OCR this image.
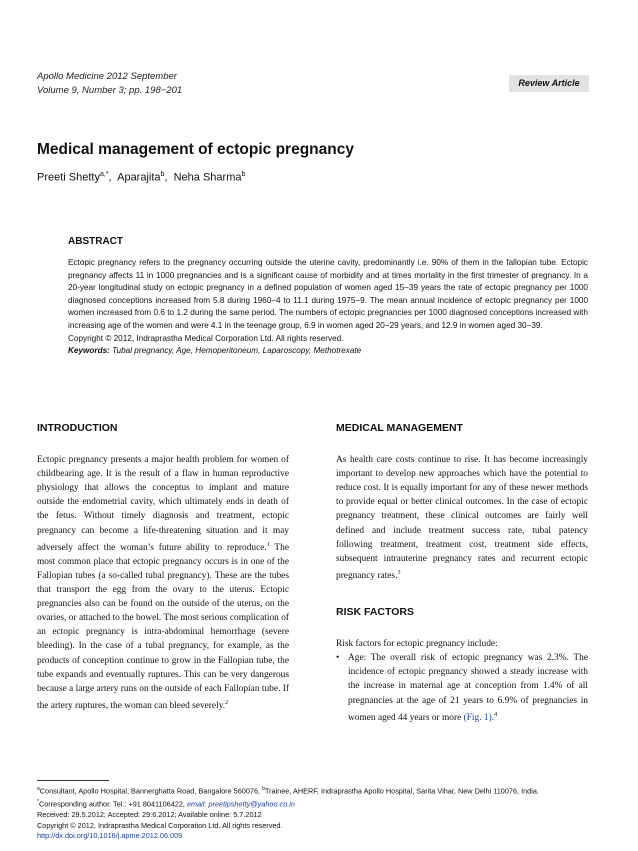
Apollo Medicine 2012 September
Volume 9, Number 3; pp. 198−201
Review Article
Medical management of ectopic pregnancy
Preeti Shetty$^{a,*}$,  Aparajita$^b$,  Neha Sharma$^b$
ABSTRACT

Ectopic pregnancy refers to the pregnancy occurring outside the uterine cavity, predominantly i.e. 90% of them in the fallopian tube. Ectopic pregnancy affects 11 in 1000 pregnancies and is a significant cause of morbidity and at times mortality in the first trimester of pregnancy. In a 20-year longitudinal study on ectopic pregnancy in a defined population of women aged 15−39 years the rate of ectopic pregnancy per 1000 diagnosed conceptions increased from 5.8 during 1960−4 to 11.1 during 1975−9. The mean annual incidence of ectopic pregnancy per 1000 women increased from 0.6 to 1.2 during the same period. The numbers of ectopic pregnancies per 1000 diagnosed conceptions increased with increasing age of the women and were 4.1 in the teenage group, 6.9 in women aged 20−29 years, and 12.9 in women aged 30−39.

Copyright © 2012, Indraprastha Medical Corporation Ltd. All rights reserved.

Keywords: Tubal pregnancy, Age, Hemoperitoneum, Laparoscopy, Methotrexate

INTRODUCTION

Ectopic pregnancy presents a major health problem for women of childbearing age. It is the result of a flaw in human reproductive physiology that allows the conceptus to implant and mature outside the endometrial cavity, which ultimately ends in death of the fetus. Without timely diagnosis and treatment, ectopic pregnancy can become a life-threatening situation and it may adversely affect the woman’s future ability to reproduce.$^1$ The most common place that ectopic pregnancy occurs is in one of the Fallopian tubes (a so-called tubal pregnancy). These are the tubes that transport the egg from the ovary to the uterus. Ectopic pregnancies also can be found on the outside of the uterus, on the ovaries, or attached to the bowel. The most serious complication of an ectopic pregnancy is intra-abdominal hemorrhage (severe bleeding). In the case of a tubal pregnancy, for example, as the products of conception continue to grow in the Fallopian tube, the tube expands and eventually ruptures. This can be very dangerous because a large artery runs on the outside of each Fallopian tube. If the artery ruptures, the woman can bleed severely.$^2$

MEDICAL MANAGEMENT

As health care costs continue to rise. It has become increasingly important to develop new approaches which have the potential to reduce cost. It is equally important for any of these newer methods to provide equal or better clinical outcomes. In the case of ectopic pregnancy treatment, these clinical outcomes are fairly well defined and include treatment success rate, tubal patency following treatment, treatment cost, treatment side effects, subsequent intrauterine pregnancy rates and recurrent ectopic pregnancy rates.$^3$

RISK FACTORS

Risk factors for ectopic pregnancy include:

• Age: The overall risk of ectopic pregnancy was 2.3%. The incidence of ectopic pregnancy showed a steady increase with the increase in maternal age at conception from 1.4% of all pregnancies at the age of 21 years to 6.9% of pregnancies in women aged 44 years or more (Fig. 1).$^4$

$^a$Consultant, Apollo Hospital, Bannerghatta Road, Bangalore 560076, $^b$Trainee, AHERF, Indraprastha Apollo Hospital, Sarita Vihar, New Delhi 110076, India.

*Corresponding author. Tel.: +91 8041106422, email: preetipshetty@yahoo.co.in

Received: 29.5.2012; Accepted: 29.6.2012; Available online: 5.7.2012

Copyright © 2012, Indraprastha Medical Corporation Ltd. All rights reserved.

http://dx.doi.org/10.1016/j.apme.2012.06.009
